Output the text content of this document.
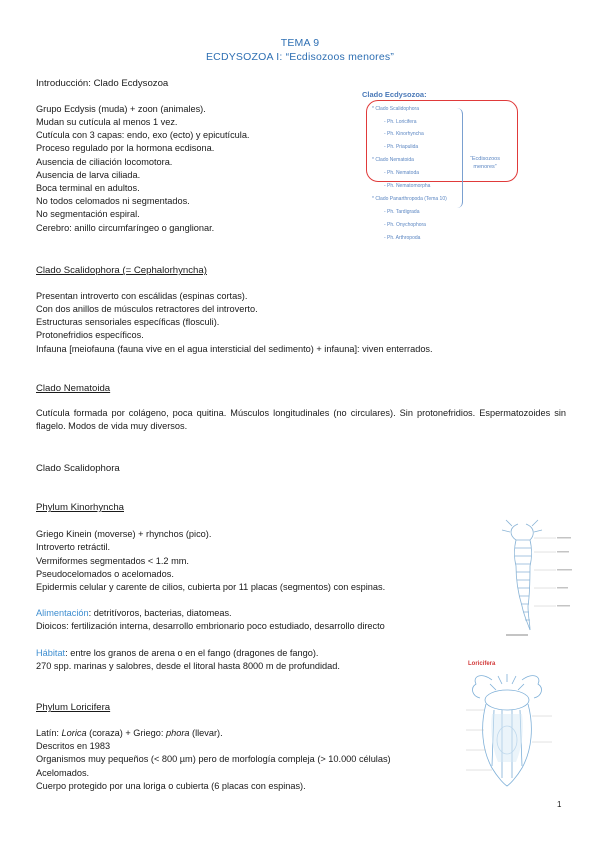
TEMA 9
ECDYSOZOA I: “Ecdisozoos menores”
Introducción: Clado Ecdysozoa
Grupo Ecdysis (muda) + zoon (animales).
Mudan su cutícula al menos 1 vez.
Cutícula con 3 capas: endo, exo (ecto) y epicutícula.
Proceso regulado por la hormona ecdisona.
Ausencia de ciliación locomotora.
Ausencia de larva ciliada.
Boca terminal en adultos.
No todos celomados ni segmentados.
No segmentación espiral.
Cerebro: anillo circumfaríngeo o ganglionar.
Clado Ecdysozoa:
* Clado Scalidophora
- Ph. Loricifera
- Ph. Kinorhyncha
- Ph. Priapulida
* Clado Nematoida
- Ph. Nematoda
- Ph. Nematomorpha
* Clado Panarthropoda (Tema 10)
- Ph. Tardigrada
- Ph. Onychophora
- Ph. Arthropoda
“Ecdisozoos
menores”
Clado Scalidophora (= Cephalorhyncha)
Presentan introverto con escálidas (espinas cortas).
Con dos anillos de músculos retractores del introverto.
Estructuras sensoriales específicas (flosculi).
Protonefridios específicos.
Infauna [meiofauna (fauna vive en el agua intersticial del sedimento) + infauna]: viven enterrados.
Clado Nematoida
Cutícula formada por colágeno, poca quitina. Músculos longitudinales (no circulares). Sin protonefridios. Espermatozoides sin flagelo. Modos de vida muy diversos.
Clado Scalidophora
Phylum Kinorhyncha
Griego Kinein (moverse) + rhynchos (pico).
Introverto retráctil.
Vermiformes segmentados < 1.2 mm.
Pseudocelomados o acelomados.
Epidermis celular y carente de cilios, cubierta por 11 placas (segmentos) con espinas.
Alimentación: detritívoros, bacterias, diatomeas.
Dioicos: fertilización interna, desarrollo embrionario poco estudiado, desarrollo directo
Hábitat: entre los granos de arena o en el fango (dragones de fango).
270 spp. marinas y salobres, desde el litoral hasta 8000 m de profundidad.
Phylum Loricifera
Latín: Lorica (coraza) + Griego: phora (llevar).
Descritos en 1983
Organismos muy pequeños (< 800 µm) pero de morfología compleja (> 10.000 células)
Acelomados.
Cuerpo protegido por una loriga o cubierta (6 placas con espinas).
Loricifera
1
